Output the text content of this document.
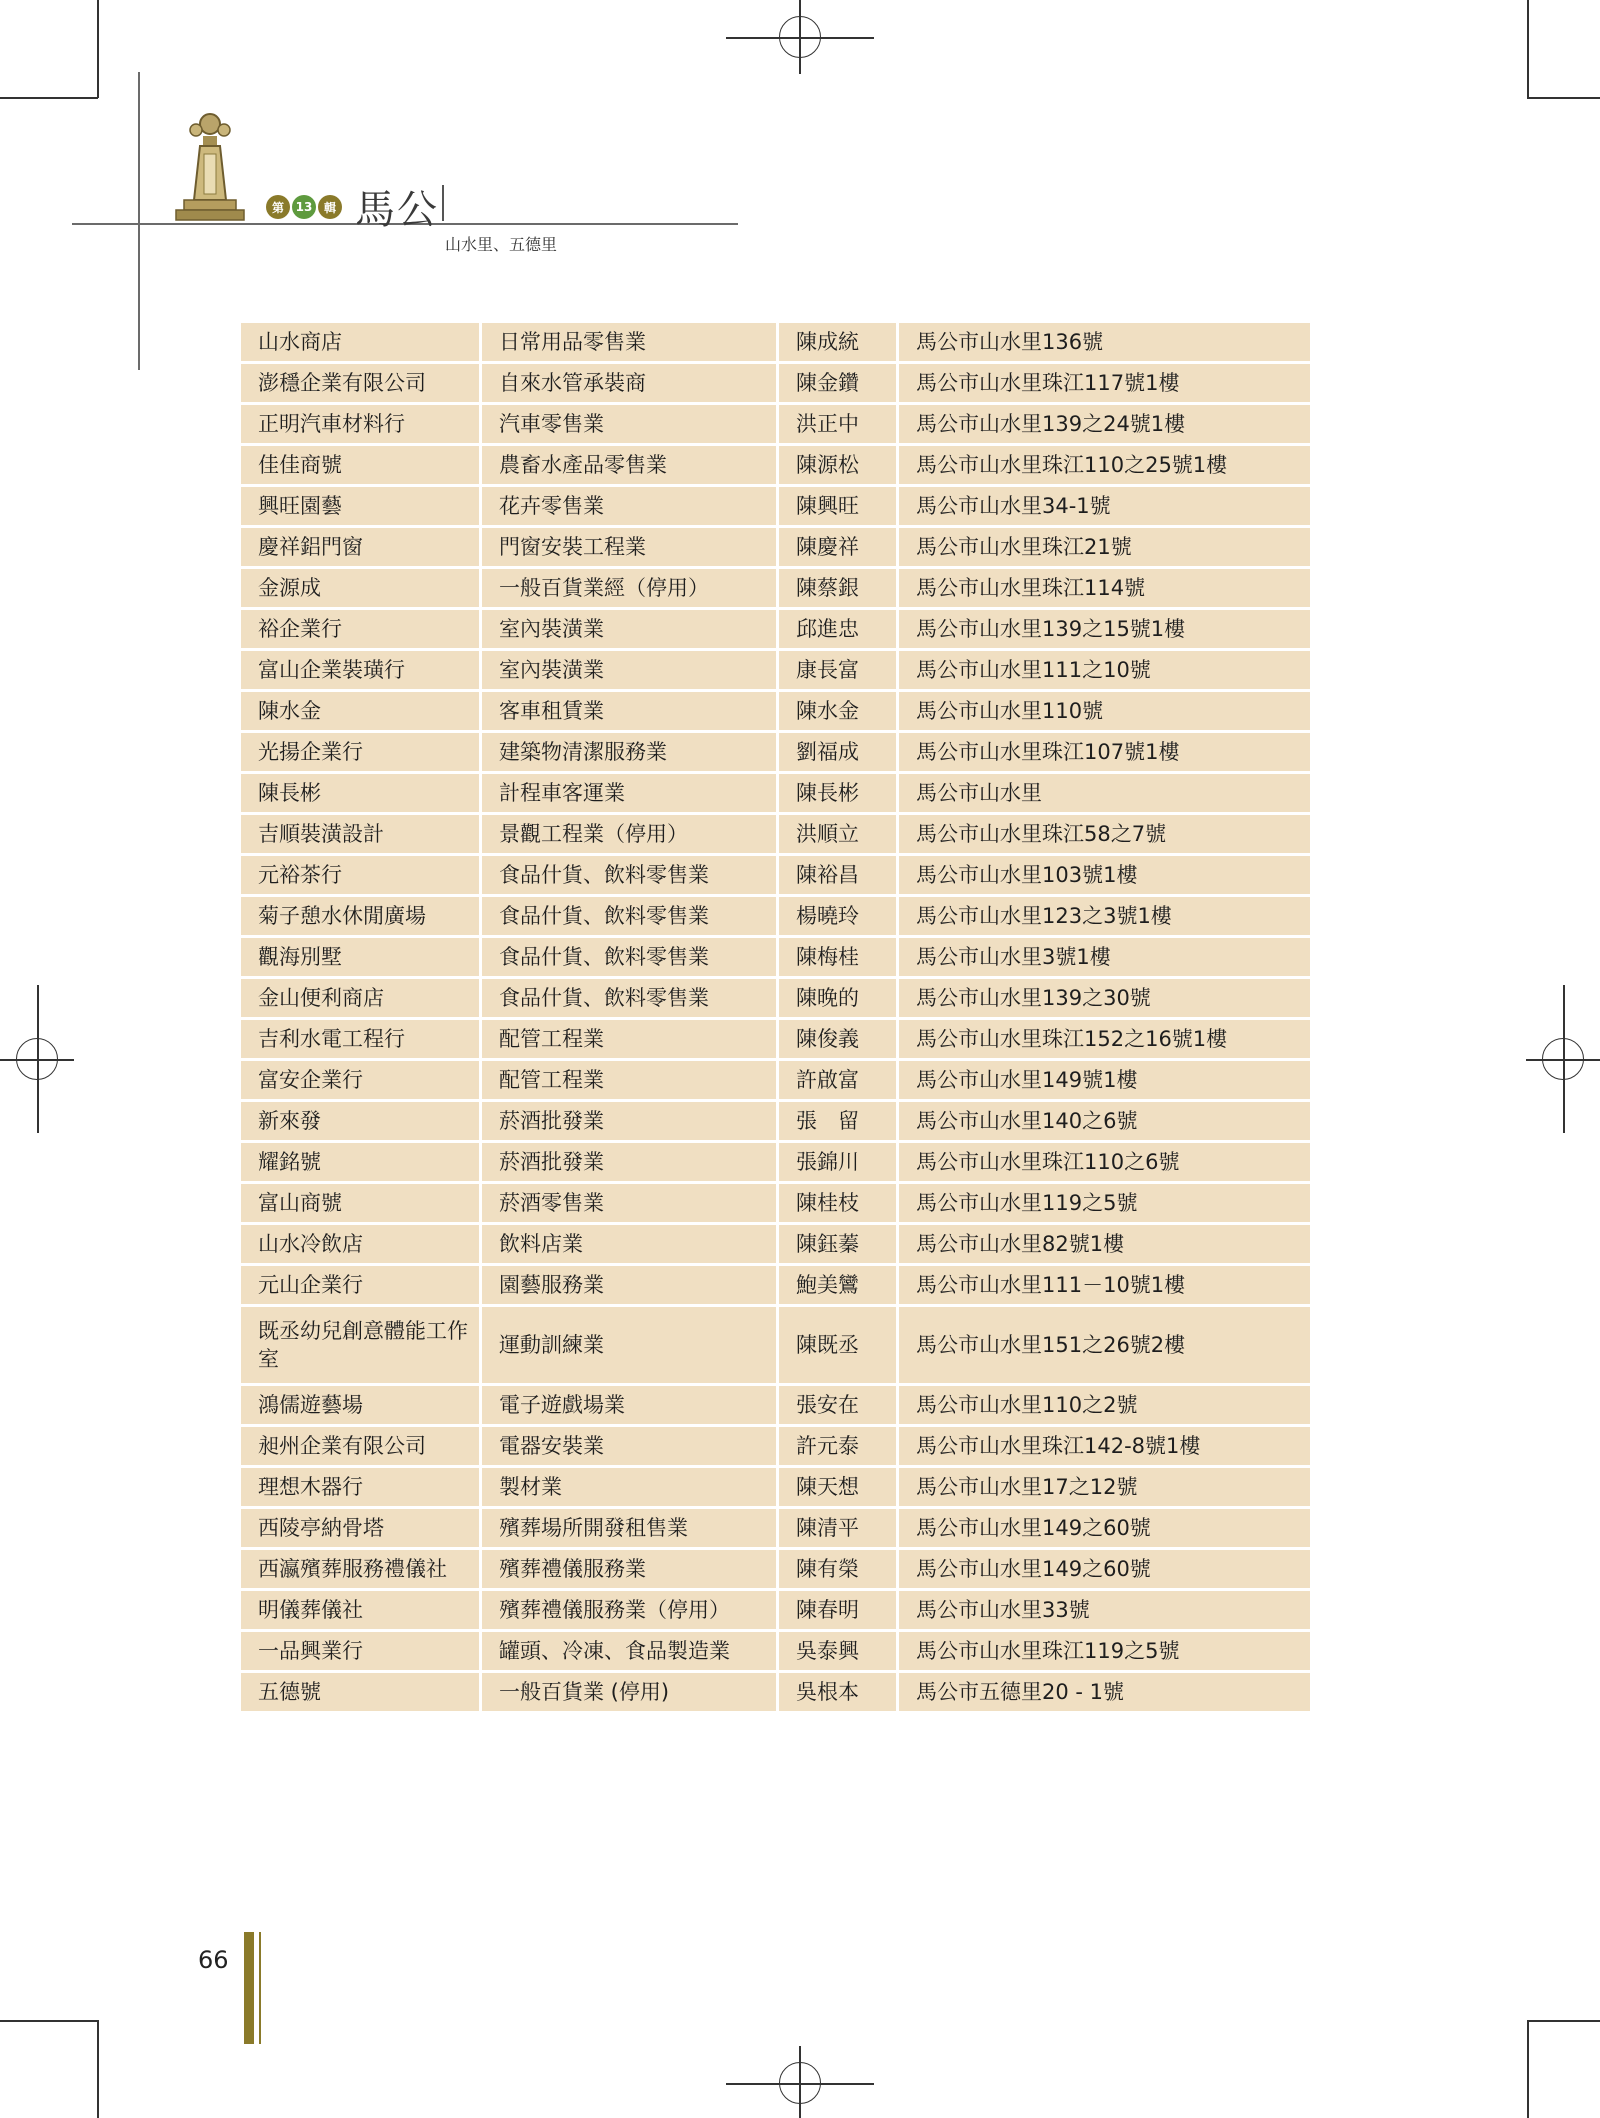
第 13 輯 馬公
山水里、五德里
山水商店	日常用品零售業	陳成統	馬公市山水里136號
澎穩企業有限公司	自來水管承裝商	陳金鑽	馬公市山水里珠江117號1樓
正明汽車材料行	汽車零售業	洪正中	馬公市山水里139之24號1樓
佳佳商號	農畜水產品零售業	陳源松	馬公市山水里珠江110之25號1樓
興旺園藝	花卉零售業	陳興旺	馬公市山水里34-1號
慶祥鋁門窗	門窗安裝工程業	陳慶祥	馬公市山水里珠江21號
金源成	一般百貨業經（停用）	陳蔡銀	馬公市山水里珠江114號
裕企業行	室內裝潢業	邱進忠	馬公市山水里139之15號1樓
富山企業裝璜行	室內裝潢業	康長富	馬公市山水里111之10號
陳水金	客車租賃業	陳水金	馬公市山水里110號
光揚企業行	建築物清潔服務業	劉福成	馬公市山水里珠江107號1樓
陳長彬	計程車客運業	陳長彬	馬公市山水里
吉順裝潢設計	景觀工程業（停用）	洪順立	馬公市山水里珠江58之7號
元裕茶行	食品什貨、飲料零售業	陳裕昌	馬公市山水里103號1樓
菊子憩水休閒廣場	食品什貨、飲料零售業	楊曉玲	馬公市山水里123之3號1樓
觀海別墅	食品什貨、飲料零售業	陳梅桂	馬公市山水里3號1樓
金山便利商店	食品什貨、飲料零售業	陳晚的	馬公市山水里139之30號
吉利水電工程行	配管工程業	陳俊義	馬公市山水里珠江152之16號1樓
富安企業行	配管工程業	許啟富	馬公市山水里149號1樓
新來發	菸酒批發業	張　留	馬公市山水里140之6號
耀銘號	菸酒批發業	張錦川	馬公市山水里珠江110之6號
富山商號	菸酒零售業	陳桂枝	馬公市山水里119之5號
山水冷飲店	飲料店業	陳鈺蓁	馬公市山水里82號1樓
元山企業行	園藝服務業	鮑美鸞	馬公市山水里111－10號1樓
既丞幼兒創意體能工作室	運動訓練業	陳既丞	馬公市山水里151之26號2樓
鴻儒遊藝場	電子遊戲場業	張安在	馬公市山水里110之2號
昶州企業有限公司	電器安裝業	許元泰	馬公市山水里珠江142-8號1樓
理想木器行	製材業	陳天想	馬公市山水里17之12號
西陵亭納骨塔	殯葬場所開發租售業	陳清平	馬公市山水里149之60號
西瀛殯葬服務禮儀社	殯葬禮儀服務業	陳有榮	馬公市山水里149之60號
明儀葬儀社	殯葬禮儀服務業（停用）	陳春明	馬公市山水里33號
一品興業行	罐頭、冷凍、食品製造業	吳泰興	馬公市山水里珠江119之5號
五德號	一般百貨業 (停用)	吳根本	馬公市五德里20 - 1號
66
